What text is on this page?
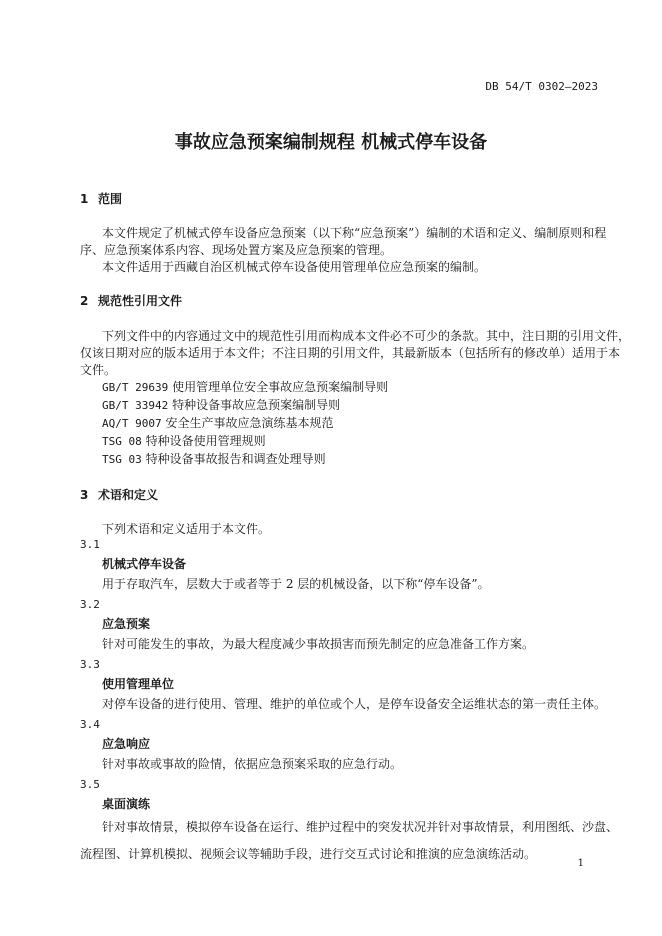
DB 54/T 0302—2023
事故应急预案编制规程 机械式停车设备
1 范围
本文件规定了机械式停车设备应急预案（以下称“应急预案”）编制的术语和定义、编制原则和程
序、应急预案体系内容、现场处置方案及应急预案的管理。
本文件适用于西藏自治区机械式停车设备使用管理单位应急预案的编制。
2 规范性引用文件
下列文件中的内容通过文中的规范性引用而构成本文件必不可少的条款。其中，注日期的引用文件，
仅该日期对应的版本适用于本文件；不注日期的引用文件，其最新版本（包括所有的修改单）适用于本
文件。
GB/T 29639 使用管理单位安全事故应急预案编制导则
GB/T 33942 特种设备事故应急预案编制导则
AQ/T 9007 安全生产事故应急演练基本规范
TSG 08 特种设备使用管理规则
TSG 03 特种设备事故报告和调查处理导则
3 术语和定义
下列术语和定义适用于本文件。
3.1
机械式停车设备
用于存取汽车，层数大于或者等于 2 层的机械设备，以下称“停车设备”。
3.2
应急预案
针对可能发生的事故，为最大程度减少事故损害而预先制定的应急准备工作方案。
3.3
使用管理单位
对停车设备的进行使用、管理、维护的单位或个人，是停车设备安全运维状态的第一责任主体。
3.4
应急响应
针对事故或事故的险情，依据应急预案采取的应急行动。
3.5
桌面演练
针对事故情景，模拟停车设备在运行、维护过程中的突发状况并针对事故情景，利用图纸、沙盘、
流程图、计算机模拟、视频会议等辅助手段，进行交互式讨论和推演的应急演练活动。
1
